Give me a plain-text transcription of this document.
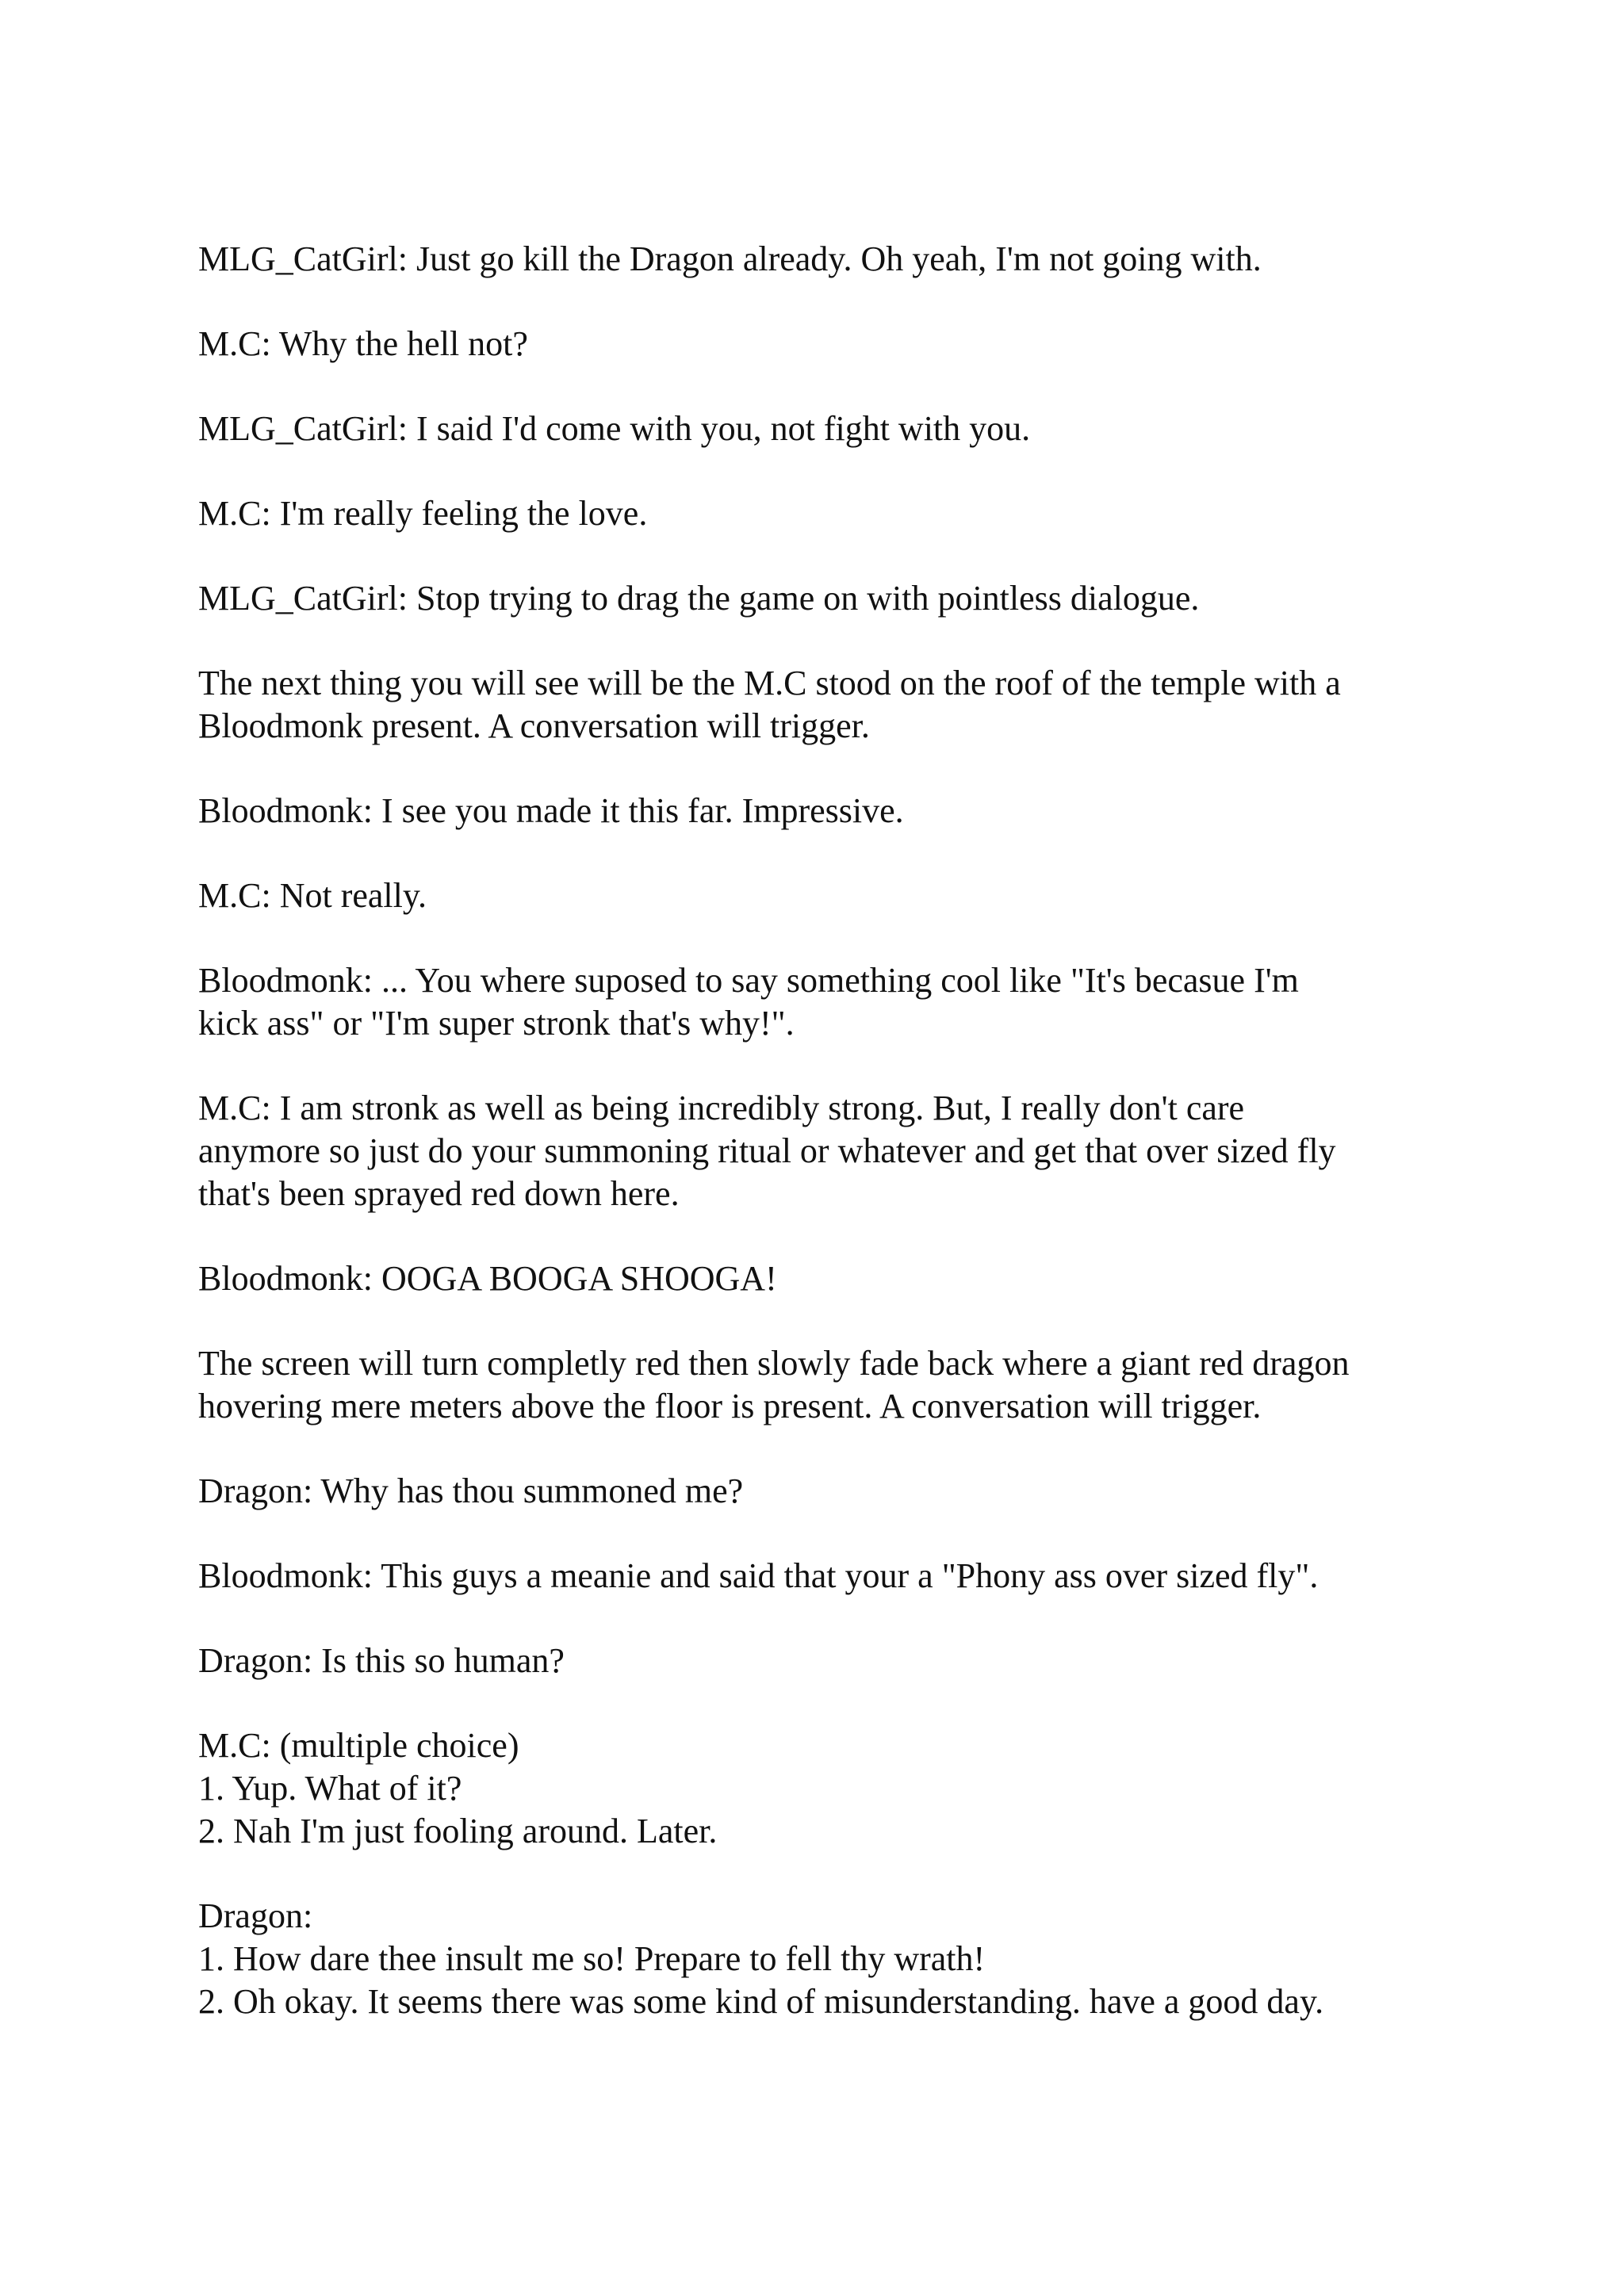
MLG_CatGirl: Just go kill the Dragon already. Oh yeah, I'm not going with.
M.C: Why the hell not?
MLG_CatGirl: I said I'd come with you, not fight with you.
M.C: I'm really feeling the love.
MLG_CatGirl: Stop trying to drag the game on with pointless dialogue.
The next thing you will see will be the M.C stood on the roof of the temple with a
Bloodmonk present. A conversation will trigger.
Bloodmonk: I see you made it this far. Impressive.
M.C: Not really.
Bloodmonk: ... You where suposed to say something cool like "It's becasue I'm
kick ass" or "I'm super stronk that's why!".
M.C: I am stronk as well as being incredibly strong. But, I really don't care
anymore so just do your summoning ritual or whatever and get that over sized fly
that's been sprayed red down here.
Bloodmonk: OOGA BOOGA SHOOGA!
The screen will turn completly red then slowly fade back where a giant red dragon
hovering mere meters above the floor is present. A conversation will trigger.
Dragon: Why has thou summoned me?
Bloodmonk: This guys a meanie and said that your a "Phony ass over sized fly".
Dragon: Is this so human?
M.C: (multiple choice)
1. Yup. What of it?
2. Nah I'm just fooling around. Later.
Dragon:
1. How dare thee insult me so! Prepare to fell thy wrath!
2. Oh okay. It seems there was some kind of misunderstanding. have a good day.
